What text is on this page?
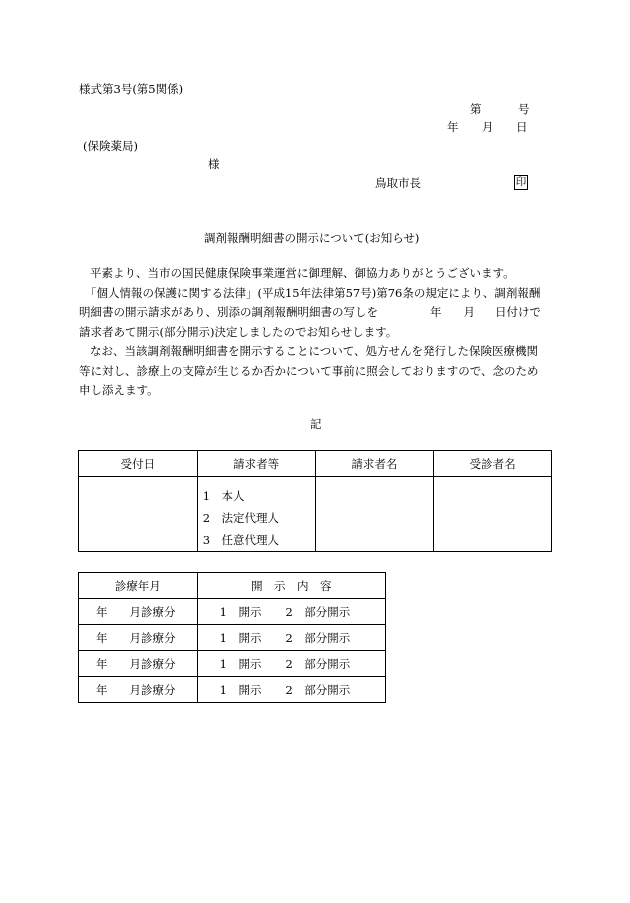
様式第3号(第5関係)
第	号
年 月 日
(保険薬局)
様
鳥取市長	印
調剤報酬明細書の開示について(お知らせ)
平素より、当市の国民健康保険事業運営に御理解、御協力ありがとうございます。
「個人情報の保護に関する法律」(平成15年法律第57号)第76条の規定により、調剤報酬
明細書の開示請求があり、別添の調剤報酬明細書の写しを	年 月 日付けで
請求者あて開示(部分開示)決定しましたのでお知らせします。
なお、当該調剤報酬明細書を開示することについて、処方せんを発行した保険医療機関
等に対し、診療上の支障が生じるか否かについて事前に照会しておりますので、念のため
申し添えます。
記
受付日	請求者等	請求者名	受診者名

	1　本人
2　法定代理人
3　任意代理人		

診療年月	開　示　内　容
年 月診療分	1　開示 2　部分開示
年 月診療分	1　開示 2　部分開示
年 月診療分	1　開示 2　部分開示
年 月診療分	1　開示 2　部分開示
